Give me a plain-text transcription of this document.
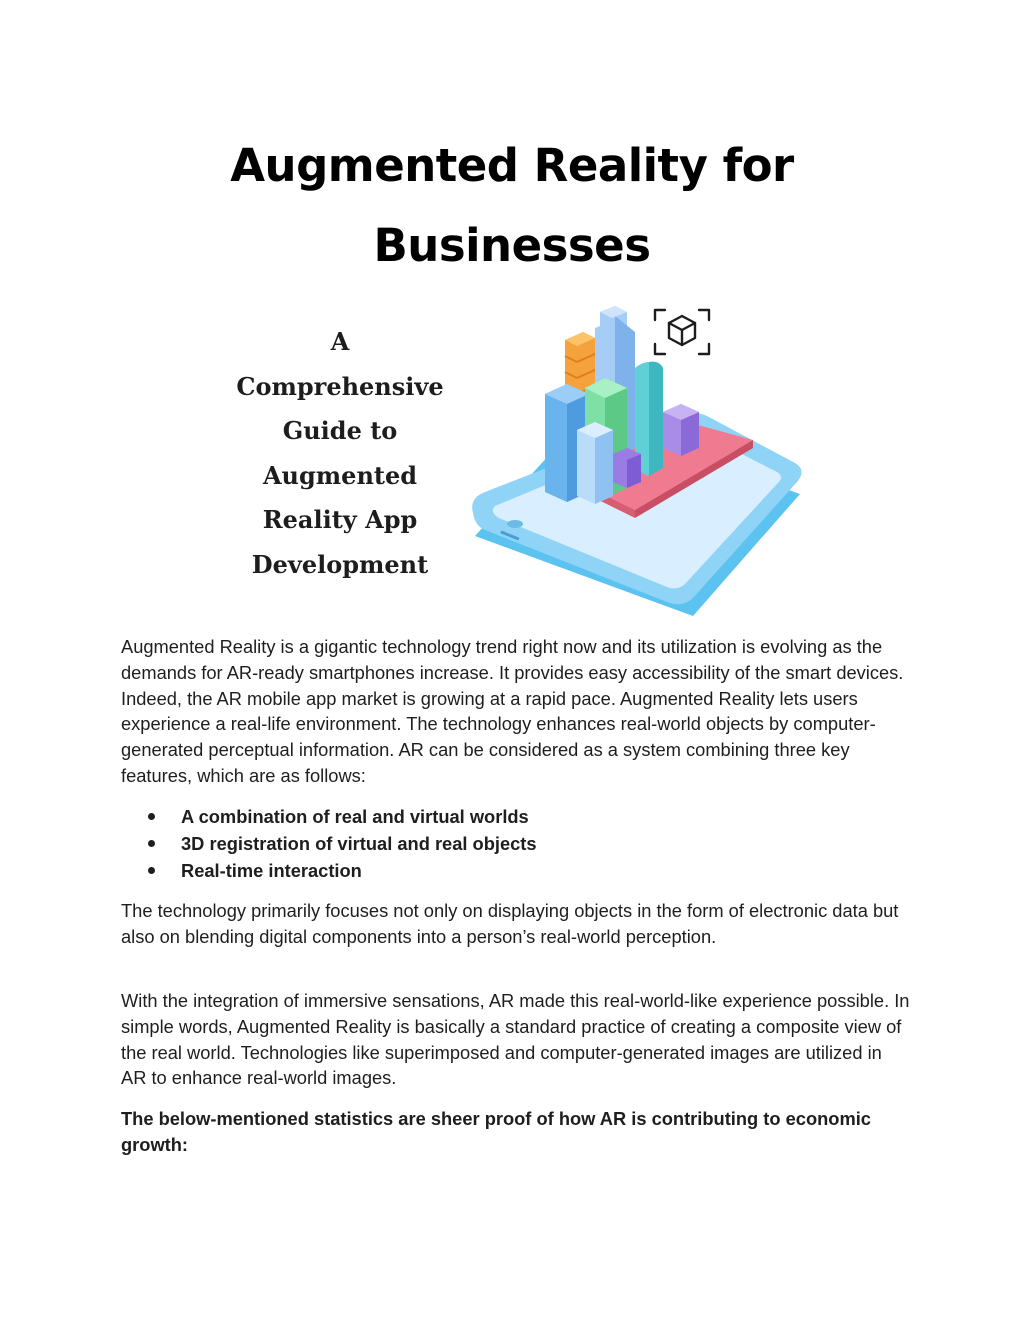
Augmented Reality for
Businesses
A
Comprehensive
Guide to
Augmented
Reality App
Development

Augmented Reality is a gigantic technology trend right now and its utilization is evolving as the demands for AR-ready smartphones increase. It provides easy accessibility of the smart devices. Indeed, the AR mobile app market is growing at a rapid pace. Augmented Reality lets users experience a real-life environment. The technology enhances real-world objects by computer-generated perceptual information. AR can be considered as a system combining three key features, which are as follows:

A combination of real and virtual worlds
3D registration of virtual and real objects
Real-time interaction

The technology primarily focuses not only on displaying objects in the form of electronic data but also on blending digital components into a person’s real-world perception.

With the integration of immersive sensations, AR made this real-world-like experience possible. In simple words, Augmented Reality is basically a standard practice of creating a composite view of the real world. Technologies like superimposed and computer-generated images are utilized in AR to enhance real-world images.

The below-mentioned statistics are sheer proof of how AR is contributing to economic growth:
